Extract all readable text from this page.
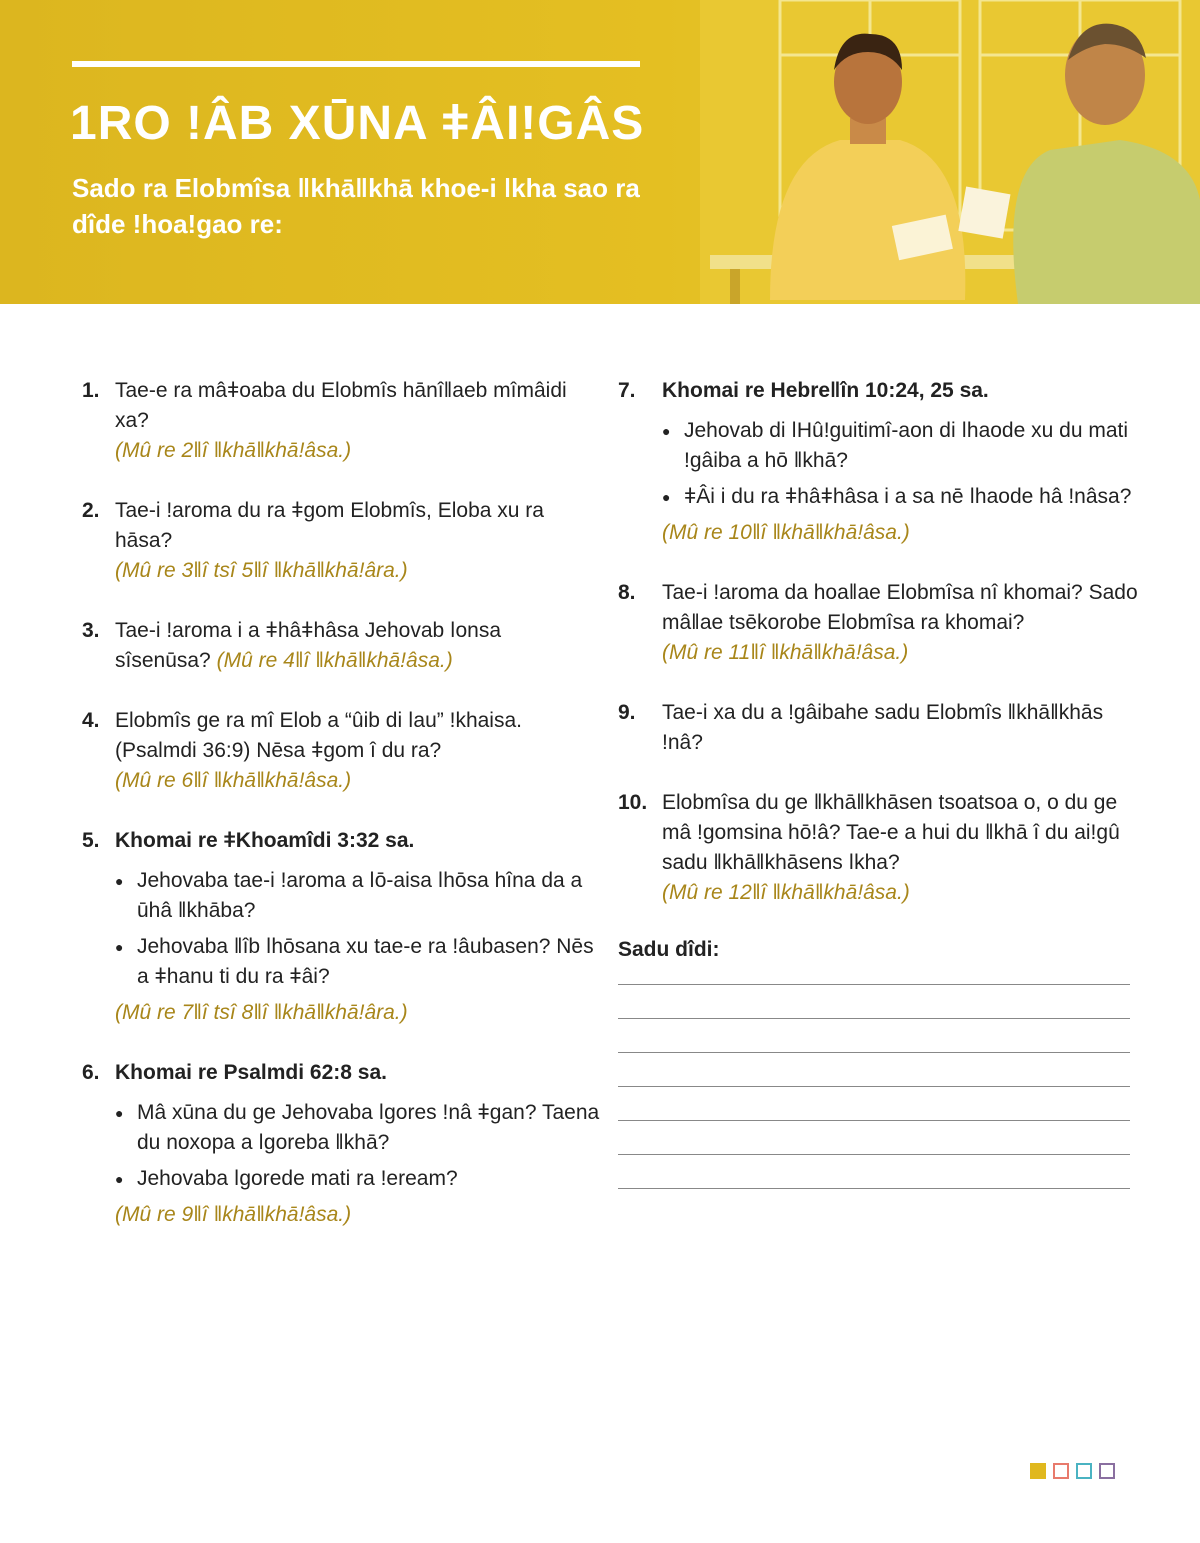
1RO ǃÂB XŪNA ǂÂIǃGÂS

Sado ra Elobmîsa ǁkhāǁkhā khoe-i ǀkha sao ra dîde ǃhoaǃgao re:

1. Tae-e ra mâǂoaba du Elobmîs hānîǁaeb mîmâidi xa?
(Mû re 2ǁî ǁkhāǁkhāǃâsa.)
2. Tae-i ǃaroma du ra ǂgom Elobmîs, Eloba xu ra hāsa?
(Mû re 3ǁî tsî 5ǁî ǁkhāǁkhāǃâra.)
3. Tae-i ǃaroma i a ǂhâǂhâsa Jehovab ǀonsa sîsenūsa? (Mû re 4ǁî ǁkhāǁkhāǃâsa.)
4. Elobmîs ge ra mî Elob a “ûib di ǀau” ǃkhaisa. (Psalmdi 36:9) Nēsa ǂgom î du ra?
(Mû re 6ǁî ǁkhāǁkhāǃâsa.)
5. Khomai re ǂKhoamîdi 3:32 sa.
● Jehovaba tae-i ǃaroma a ǀō-aisa ǀhōsa hîna da a ūhâ ǁkhāba?
● Jehovaba ǁîb ǀhōsana xu tae-e ra ǃâubasen? Nēs a ǂhanu ti du ra ǂâi?
(Mû re 7ǁî tsî 8ǁî ǁkhāǁkhāǃâra.)
6. Khomai re Psalmdi 62:8 sa.
● Mâ xūna du ge Jehovaba ǀgores ǃnâ ǂgan? Taena du noxopa a ǀgoreba ǁkhā?
● Jehovaba ǀgorede mati ra ǃeream?
(Mû re 9ǁî ǁkhāǁkhāǃâsa.)
7. Khomai re Hebreǁîn 10:24, 25 sa.
● Jehovab di ǀHûǃguitimî-aon di ǀhaode xu du mati ǃgâiba a hō ǁkhā?
● ǂÂi i du ra ǂhâǂhâsa i a sa nē ǀhaode hâ ǃnâsa?
(Mû re 10ǁî ǁkhāǁkhāǃâsa.)
8. Tae-i ǃaroma da hoaǁae Elobmîsa nî khomai? Sado mâǁae tsēkorobe Elobmîsa ra khomai?
(Mû re 11ǁî ǁkhāǁkhāǃâsa.)
9. Tae-i xa du a ǃgâibahe sadu Elobmîs ǁkhāǁkhās ǃnâ?
10. Elobmîsa du ge ǁkhāǁkhāsen tsoatsoa o, o du ge mâ ǃgomsina hōǃâ? Tae-e a hui du ǁkhā î du aiǃgû sadu ǁkhāǁkhāsens ǀkha?
(Mû re 12ǁî ǁkhāǁkhāǃâsa.)

Sadu dîdi:
